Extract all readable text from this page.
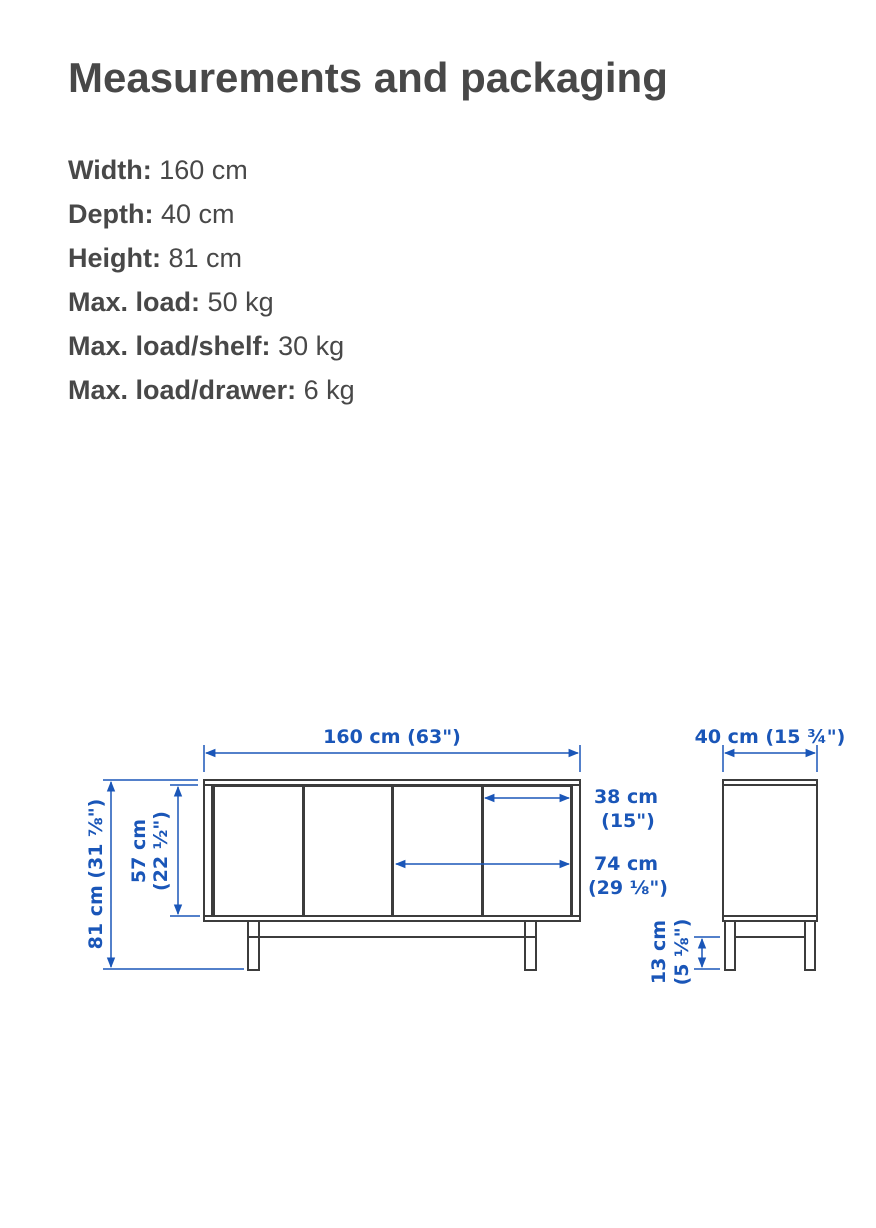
Measurements and packaging
Width: 160 cm
Depth: 40 cm
Height: 81 cm
Max. load: 50 kg
Max. load/shelf: 30 kg
Max. load/drawer: 6 kg
160 cm (63")	40 cm (15 ¾")
81 cm (31 ⅞") 57 cm (22 ½")
38 cm
(15")
74 cm
(29 ⅛")
13 cm (5 ⅛")
